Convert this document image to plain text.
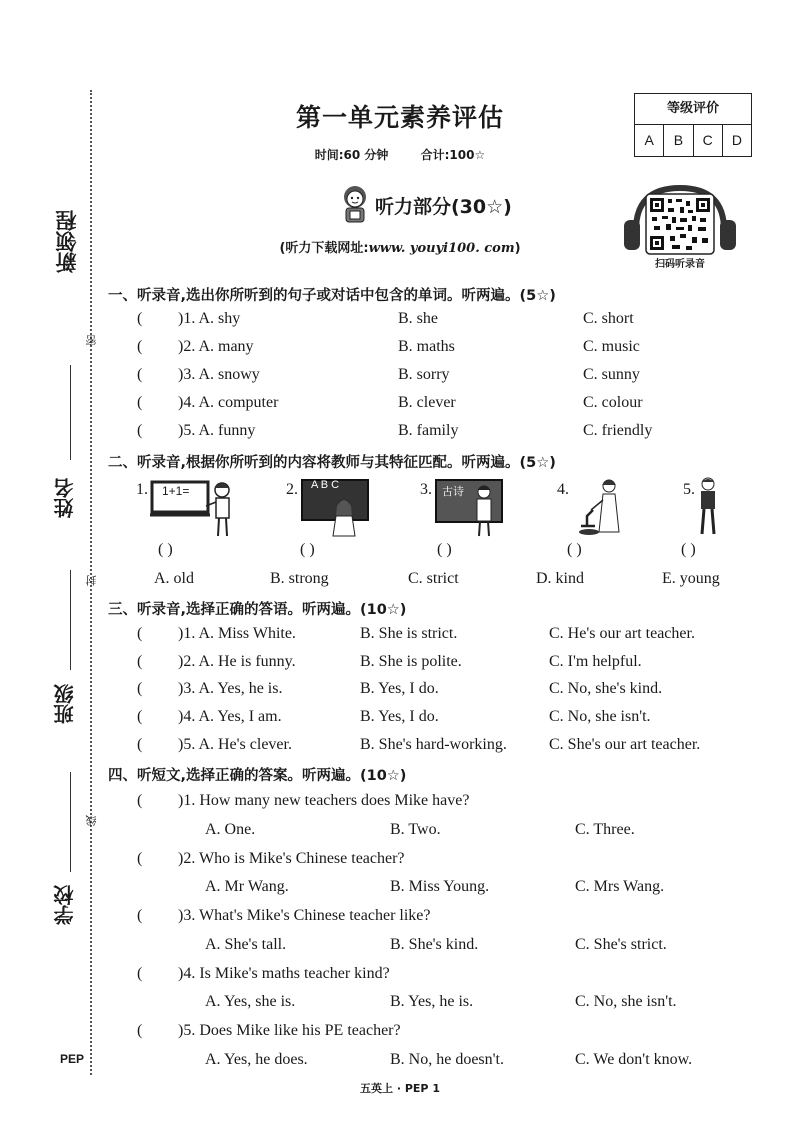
新领程
密
姓名
封
班级
线
学校
PEP
第一单元素养评估
时间:60 分钟	合计:100☆
等级评价
A	B	C	D
听力部分(30☆)
(听力下载网址:www. youyi100. com)
扫码听录音
一、听录音,选出你所听到的句子或对话中包含的单词。听两遍。(5☆)
( )1. A. shy	B. she	C. short
( )2. A. many	B. maths	C. music
( )3. A. snowy	B. sorry	C. sunny
( )4. A. computer	B. clever	C. colour
( )5. A. funny	B. family	C. friendly
二、听录音,根据你所听到的内容将教师与其特征匹配。听两遍。(5☆)
1.	2.	3.	4.	5.
1+1=	A B C	古诗
( )	( )	( )	( )	( )
A. old	B. strong	C. strict	D. kind	E. young
三、听录音,选择正确的答语。听两遍。(10☆)
( )1. A. Miss White.	B. She is strict.	C. He's our art teacher.
( )2. A. He is funny.	B. She is polite.	C. I'm helpful.
( )3. A. Yes, he is.	B. Yes, I do.	C. No, she's kind.
( )4. A. Yes, I am.	B. Yes, I do.	C. No, she isn't.
( )5. A. He's clever.	B. She's hard-working.	C. She's our art teacher.
四、听短文,选择正确的答案。听两遍。(10☆)
( )1. How many new teachers does Mike have?
A. One.	B. Two.	C. Three.
( )2. Who is Mike's Chinese teacher?
A. Mr Wang.	B. Miss Young.	C. Mrs Wang.
( )3. What's Mike's Chinese teacher like?
A. She's tall.	B. She's kind.	C. She's strict.
( )4. Is Mike's maths teacher kind?
A. Yes, she is.	B. Yes, he is.	C. No, she isn't.
( )5. Does Mike like his PE teacher?
A. Yes, he does.	B. No, he doesn't.	C. We don't know.
五英上 · PEP 1
